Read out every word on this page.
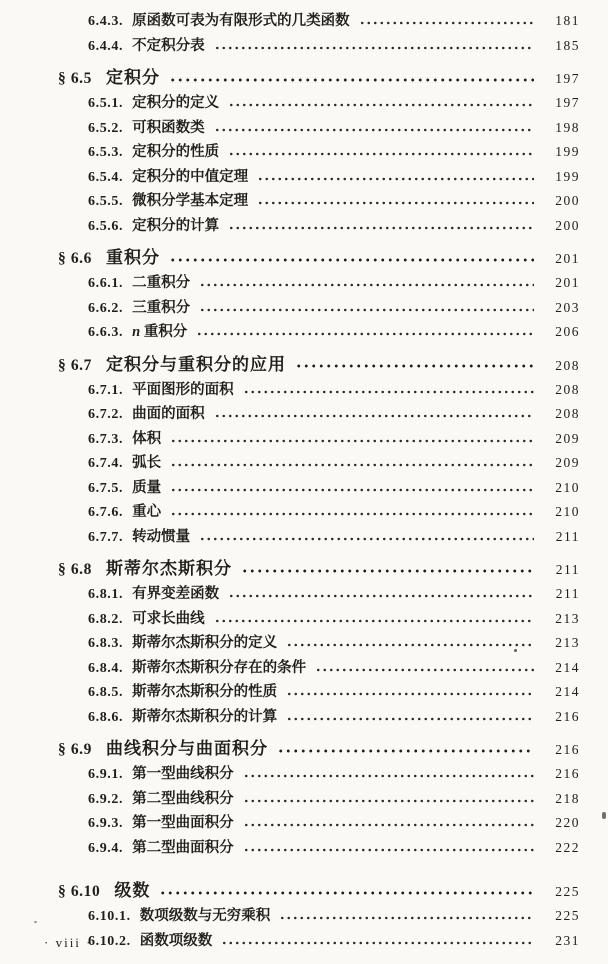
6.4.3. 原函数可表为有限形式的几类函数	181
6.4.4. 不定积分表	185
§ 6.5 定积分	197
6.5.1. 定积分的定义	197
6.5.2. 可积函数类	198
6.5.3. 定积分的性质	199
6.5.4. 定积分的中值定理	199
6.5.5. 微积分学基本定理	200
6.5.6. 定积分的计算	200
§ 6.6 重积分	201
6.6.1. 二重积分	201
6.6.2. 三重积分	203
6.6.3. n 重积分	206
§ 6.7 定积分与重积分的应用	208
6.7.1. 平面图形的面积	208
6.7.2. 曲面的面积	208
6.7.3. 体积	209
6.7.4. 弧长	209
6.7.5. 质量	210
6.7.6. 重心	210
6.7.7. 转动惯量	211
§ 6.8 斯蒂尔杰斯积分	211
6.8.1. 有界变差函数	211
6.8.2. 可求长曲线	213
6.8.3. 斯蒂尔杰斯积分的定义	213
6.8.4. 斯蒂尔杰斯积分存在的条件	214
6.8.5. 斯蒂尔杰斯积分的性质	214
6.8.6. 斯蒂尔杰斯积分的计算	216
§ 6.9 曲线积分与曲面积分	216
6.9.1. 第一型曲线积分	216
6.9.2. 第二型曲线积分	218
6.9.3. 第一型曲面积分	220
6.9.4. 第二型曲面积分	222
§ 6.10 级数	225
6.10.1. 数项级数与无穷乘积	225
6.10.2. 函数项级数	231
· viii ·
